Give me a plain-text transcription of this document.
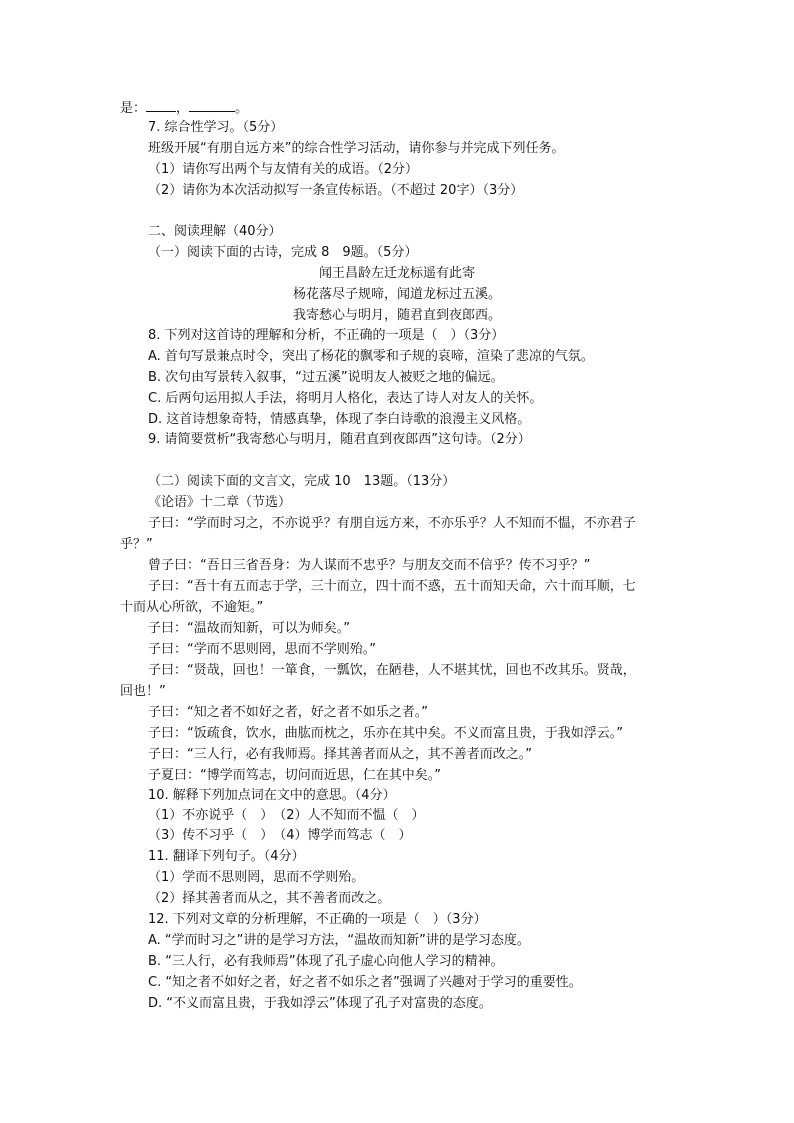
是： ，	。
7. 综合性学习。（5分）
班级开展“有朋自远方来”的综合性学习活动，请你参与并完成下列任务。
（1）请你写出两个与友情有关的成语。（2分）
（2）请你为本次活动拟写一条宣传标语。（不超过 20字）（3分）
二、阅读理解（40分）
（一）阅读下面的古诗，完成 8　9题。（5分）
闻王昌龄左迁龙标遥有此寄
杨花落尽子规啼，闻道龙标过五溪。
我寄愁心与明月，随君直到夜郎西。
8. 下列对这首诗的理解和分析，不正确的一项是（　）（3分）
A. 首句写景兼点时令，突出了杨花的飘零和子规的哀啼，渲染了悲凉的气氛。
B. 次句由写景转入叙事，“过五溪”说明友人被贬之地的偏远。
C. 后两句运用拟人手法，将明月人格化，表达了诗人对友人的关怀。
D. 这首诗想象奇特，情感真挚，体现了李白诗歌的浪漫主义风格。
9. 请简要赏析“我寄愁心与明月，随君直到夜郎西”这句诗。（2分）
（二）阅读下面的文言文，完成 10　13题。（13分）
《论语》十二章（节选）
子曰：“学而时习之，不亦说乎？有朋自远方来，不亦乐乎？人不知而不愠，不亦君子
乎？”
曾子曰：“吾日三省吾身：为人谋而不忠乎？与朋友交而不信乎？传不习乎？”
子曰：“吾十有五而志于学，三十而立，四十而不惑，五十而知天命，六十而耳顺，七
十而从心所欲，不逾矩。”
子曰：“温故而知新，可以为师矣。”
子曰：“学而不思则罔，思而不学则殆。”
子曰：“贤哉，回也！一箪食，一瓢饮，在陋巷，人不堪其忧，回也不改其乐。贤哉，
回也！”
子曰：“知之者不如好之者，好之者不如乐之者。”
子曰：“饭疏食，饮水，曲肱而枕之，乐亦在其中矣。不义而富且贵，于我如浮云。”
子曰：“三人行，必有我师焉。择其善者而从之，其不善者而改之。”
子夏曰：“博学而笃志，切问而近思，仁在其中矣。”
10. 解释下列加点词在文中的意思。（4分）
（1）不亦说乎（　）　（2）人不知而不愠（　）
（3）传不习乎（　）　（4）博学而笃志（　）
11. 翻译下列句子。（4分）
（1）学而不思则罔，思而不学则殆。
（2）择其善者而从之，其不善者而改之。
12. 下列对文章的分析理解，不正确的一项是（　）（3分）
A. “学而时习之”讲的是学习方法，“温故而知新”讲的是学习态度。
B. “三人行，必有我师焉”体现了孔子虚心向他人学习的精神。
C. “知之者不如好之者，好之者不如乐之者”强调了兴趣对于学习的重要性。
D. “不义而富且贵，于我如浮云”体现了孔子对富贵的态度。
